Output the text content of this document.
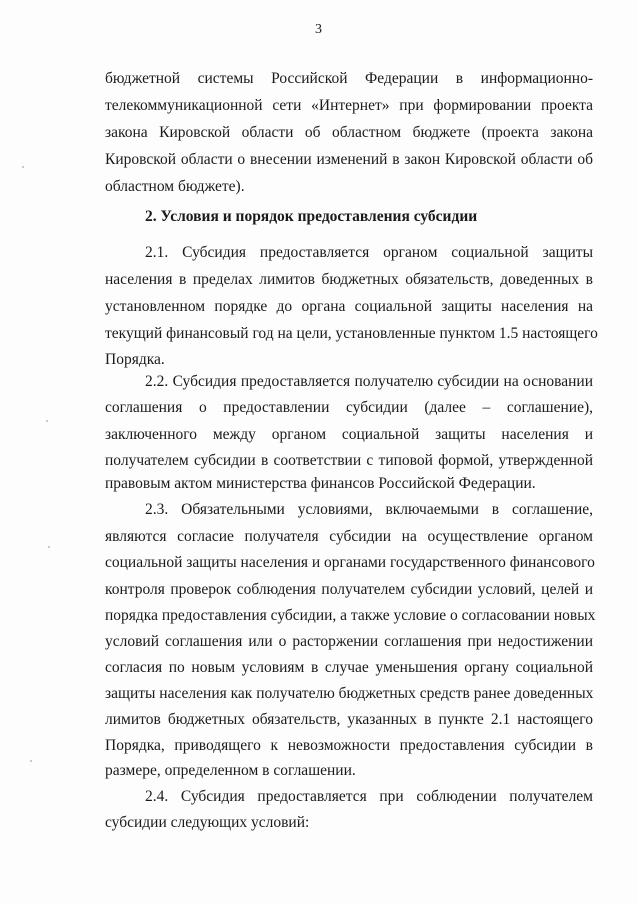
3
бюджетной системы Российской Федерации в информационно-
телекоммуникационной сети «Интернет» при формировании проекта
закона Кировской области об областном бюджете (проекта закона
Кировской области о внесении изменений в закон Кировской области об
областном бюджете).
2. Условия и порядок предоставления субсидии
2.1. Субсидия предоставляется органом социальной защиты
населения в пределах лимитов бюджетных обязательств, доведенных в
установленном порядке до органа социальной защиты населения на
текущий финансовый год на цели, установленные пунктом 1.5 настоящего
Порядка.
2.2. Субсидия предоставляется получателю субсидии на основании
соглашения о предоставлении субсидии (далее – соглашение),
заключенного между органом социальной защиты населения и
получателем субсидии в соответствии с типовой формой, утвержденной
правовым актом министерства финансов Российской Федерации.
2.3. Обязательными условиями, включаемыми в соглашение,
являются согласие получателя субсидии на осуществление органом
социальной защиты населения и органами государственного финансового
контроля проверок соблюдения получателем субсидии условий, целей и
порядка предоставления субсидии, а также условие о согласовании новых
условий соглашения или о расторжении соглашения при недостижении
согласия по новым условиям в случае уменьшения органу социальной
защиты населения как получателю бюджетных средств ранее доведенных
лимитов бюджетных обязательств, указанных в пункте 2.1 настоящего
Порядка, приводящего к невозможности предоставления субсидии в
размере, определенном в соглашении.
2.4. Субсидия предоставляется при соблюдении получателем
субсидии следующих условий:
